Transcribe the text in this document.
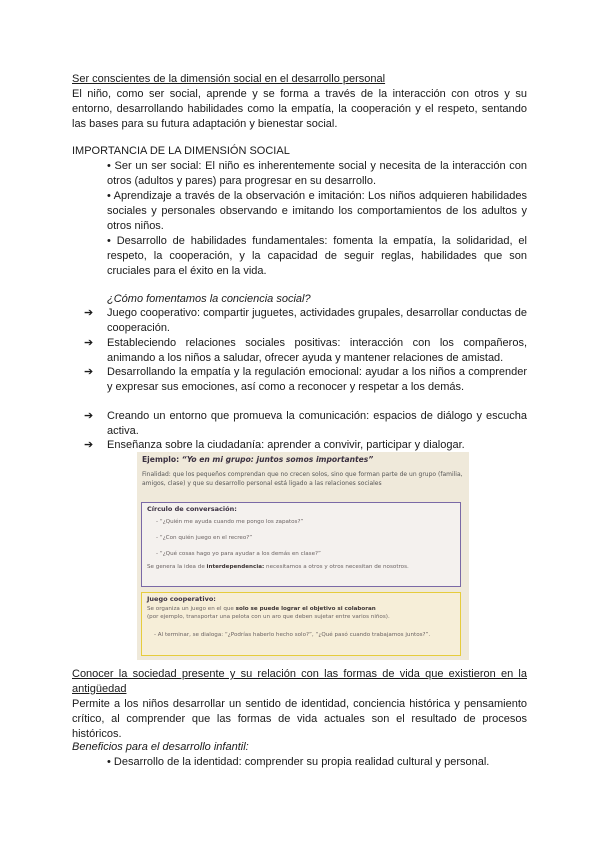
Ser conscientes de la dimensión social en el desarrollo personal
El niño, como ser social, aprende y se forma a través de la interacción con otros y su entorno, desarrollando habilidades como la empatía, la cooperación y el respeto, sentando las bases para su futura adaptación y bienestar social.
IMPORTANCIA DE LA DIMENSIÓN SOCIAL
• Ser un ser social: El niño es inherentemente social y necesita de la interacción con otros (adultos y pares) para progresar en su desarrollo.
• Aprendizaje a través de la observación e imitación: Los niños adquieren habilidades sociales y personales observando e imitando los comportamientos de los adultos y otros niños.
• Desarrollo de habilidades fundamentales: fomenta la empatía, la solidaridad, el respeto, la cooperación, y la capacidad de seguir reglas, habilidades que son cruciales para el éxito en la vida.
¿Cómo fomentamos la conciencia social?
➔	Juego cooperativo: compartir juguetes, actividades grupales, desarrollar conductas de cooperación.
➔	Estableciendo relaciones sociales positivas: interacción con los compañeros, animando a los niños a saludar, ofrecer ayuda y mantener relaciones de amistad.
➔	Desarrollando la empatía y la regulación emocional: ayudar a los niños a comprender y expresar sus emociones, así como a reconocer y respetar a los demás.
➔	Creando un entorno que promueva la comunicación: espacios de diálogo y escucha activa.
➔	Enseñanza sobre la ciudadanía: aprender a convivir, participar y dialogar.
Ejemplo: “Yo en mi grupo: juntos somos importantes”
Finalidad: que los pequeños comprendan que no crecen solos, sino que forman parte de un grupo (familia, amigos, clase) y que su desarrollo personal está ligado a las relaciones sociales
Círculo de conversación:
- “¿Quién me ayuda cuando me pongo los zapatos?”
- “¿Con quién juego en el recreo?”
- “¿Qué cosas hago yo para ayudar a los demás en clase?”
Se genera la idea de interdependencia: necesitamos a otros y otros necesitan de nosotros.
Juego cooperativo:
Se organiza un juego en el que solo se puede lograr el objetivo si colaboran
(por ejemplo, transportar una pelota con un aro que deben sujetar entre varios niños).
- Al terminar, se dialoga: “¿Podrías haberlo hecho solo?”, “¿Qué pasó cuando trabajamos juntos?”.
Conocer la sociedad presente y su relación con las formas de vida que existieron en la antigüedad
Permite a los niños desarrollar un sentido de identidad, conciencia histórica y pensamiento crítico, al comprender que las formas de vida actuales son el resultado de procesos históricos.
Beneficios para el desarrollo infantil:
• Desarrollo de la identidad: comprender su propia realidad cultural y personal.
